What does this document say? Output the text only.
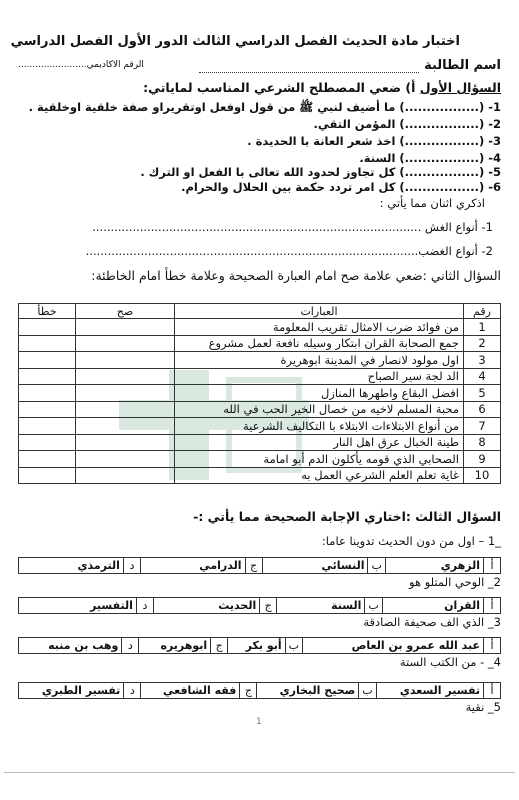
اختبار مادة الحديث الفصل الدراسي الثالث الدور الأول الفصل الدراسي
اسم الطالبة
الرقم الاكاديمي........................
السؤال الأول أ) ضعي المصطلح الشرعي المناسب لماياتي:
1- (.................) ما أضيف لنبي ﷺ من قول اوفعل اوتقريراو صفة خلقية اوخلقية .
2- (.................) المؤمن التقي.
3- (.................) اخذ شعر العانة با الحديدة .
4- (.................) السنة.
5- (.................) كل تجاوز لحدود الله تعالى با الفعل او الترك .
6- (.................) كل امر تردد حكمة بين الحلال والحرام.
اذكري اثنان مما يأتي :
1- أنواع الغش ..........................................................................................
2- أنواع الغضب...........................................................................................
السؤال الثاني :ضعي علامة صح امام العبارة الصحيحة وعلامة خطأ امام الخاطئة:
رقم	العبارات	صح	خطأ
1	من فوائد ضرب الامثال تقريب المعلومة		
2	جمع الصحابة القران ابتكار وسيله نافعة لعمل مشروع		
3	اول مولود لانصار في المدينة ابوهريرة		
4	الد لجة سير الصباح		
5	افضل البقاع واطهرها المنازل		
6	محبة المسلم لاخيه من خصال الخير الحب في الله		
7	من أنواع الابتلاءات الابتلاء با التكاليف الشرعية		
8	طينة الخبال عرق اهل النار		
9	الصحابي الذي قومه يأكلون الدم أبو امامة		
10	غاية تعلم العلم الشرعي العمل به		
السؤال الثالث :اختاري الإجابة الصحيحة مما يأتي :-
_1 – اول من دون الحديث تدوينا عاما:
أ	الزهري	ب	النسائي	ج	الدرامي	د	الترمذي
2_ الوحي المتلو هو
أ	القران	ب	السنة	ج	الحديث	د	التفسير
3_ الذي الف صحيفة الصادقة
أ	عبد الله عمرو بن العاص	ب	أبو بكر	ج	ابوهريره	د	وهب بن منبه
4_ - من الكتب الستة
أ	تفسير السعدي	ب	صحيح البخاري	ج	فقه الشافعي	د	تفسير الطبري
5_ نقية
1
